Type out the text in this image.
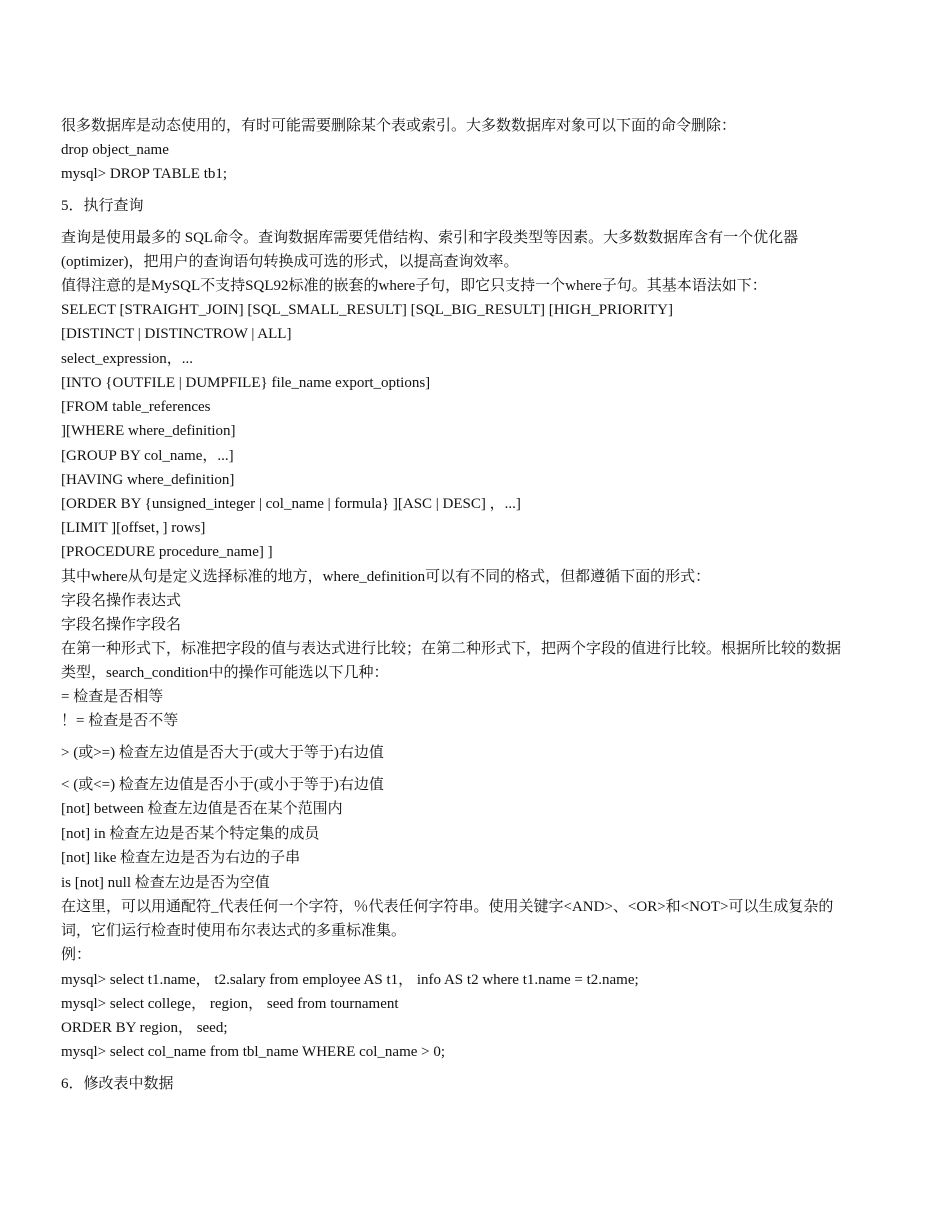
很多数据库是动态使用的，有时可能需要删除某个表或索引。大多数数据库对象可以下面的命令删除：
drop object_name
mysql> DROP TABLE tb1;
5．执行查询
查询是使用最多的 SQL命令。查询数据库需要凭借结构、索引和字段类型等因素。大多数数据库含有一个优化器
(optimizer)，把用户的查询语句转换成可选的形式，以提高查询效率。
值得注意的是MySQL不支持SQL92标准的嵌套的where子句，即它只支持一个where子句。其基本语法如下：
SELECT [STRAIGHT_JOIN] [SQL_SMALL_RESULT] [SQL_BIG_RESULT] [HIGH_PRIORITY]
[DISTINCT | DISTINCTROW | ALL]
select_expression，...
[INTO {OUTFILE | DUMPFILE} file_name export_options]
[FROM table_references
][WHERE where_definition]
[GROUP BY col_name，...]
[HAVING where_definition]
[ORDER BY {unsigned_integer | col_name | formula} ][ASC | DESC] ，...]
[LIMIT ][offset，] rows]
[PROCEDURE procedure_name] ]
其中where从句是定义选择标准的地方，where_definition可以有不同的格式，但都遵循下面的形式：
字段名操作表达式
字段名操作字段名
在第一种形式下，标准把字段的值与表达式进行比较；在第二种形式下，把两个字段的值进行比较。根据所比较的数据
类型，search_condition中的操作可能选以下几种：
= 检查是否相等
！= 检查是否不等
> (或>=) 检查左边值是否大于(或大于等于)右边值
< (或<=) 检查左边值是否小于(或小于等于)右边值
[not] between 检查左边值是否在某个范围内
[not] in 检查左边是否某个特定集的成员
[not] like 检查左边是否为右边的子串
is [not] null 检查左边是否为空值
在这里，可以用通配符_代表任何一个字符，％代表任何字符串。使用关键字<AND>、<OR>和<NOT>可以生成复杂的
词，它们运行检查时使用布尔表达式的多重标准集。
例：
mysql> select t1.name， t2.salary from employee AS t1， info AS t2 where t1.name = t2.name;
mysql> select college， region， seed from tournament
ORDER BY region， seed;
mysql> select col_name from tbl_name WHERE col_name > 0;
6．修改表中数据
